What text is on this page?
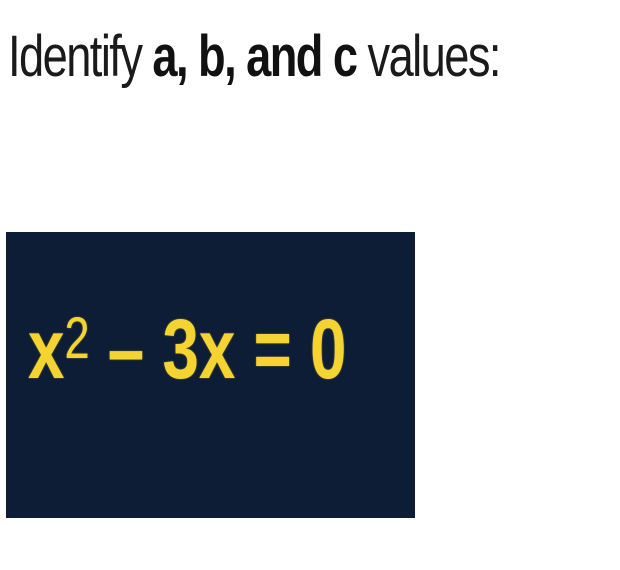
Identify a, b, and c values:

$x^2 - 3x = 0$
